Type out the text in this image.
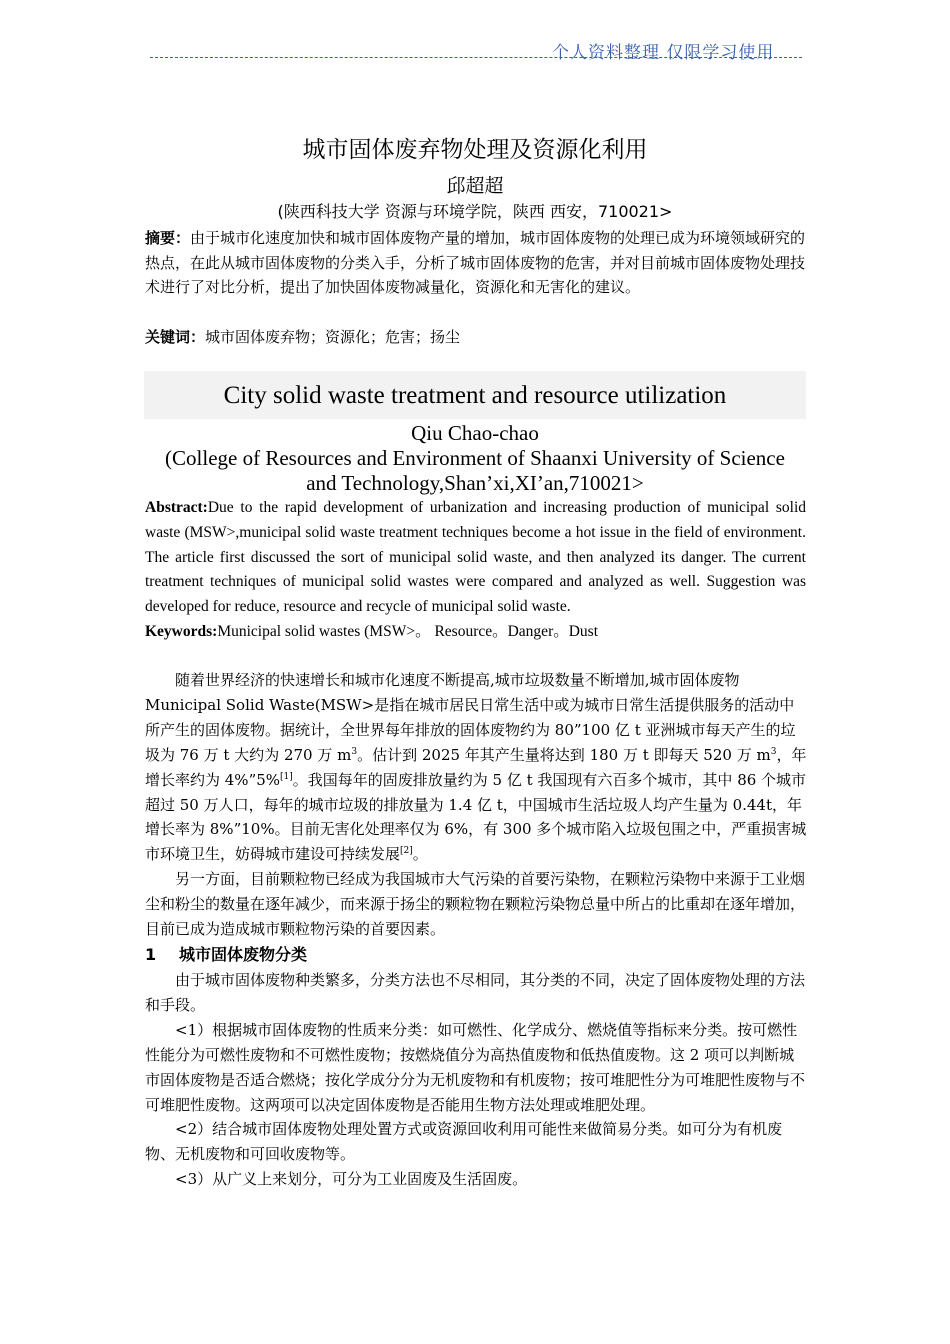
个人资料整理 仅限学习使用
城市固体废弃物处理及资源化利用
邱超超
(陕西科技大学 资源与环境学院，陕西 西安，710021>
摘要：由于城市化速度加快和城市固体废物产量的增加，城市固体废物的处理已成为环境领域研究的热点，在此从城市固体废物的分类入手，分析了城市固体废物的危害，并对目前城市固体废物处理技术进行了对比分析，提出了加快固体废物减量化，资源化和无害化的建议。
关键词：城市固体废弃物；资源化；危害；扬尘
City solid waste treatment and resource utilization
Qiu Chao-chao
(College of Resources and Environment of Shaanxi University of Science
and Technology,Shan’xi,XI’an,710021>
Abstract:Due to the rapid development of urbanization and increasing production of municipal solid waste (MSW>,municipal solid waste treatment techniques become a hot issue in the field of environment. The article first discussed the sort of municipal solid waste, and then analyzed its danger. The current treatment techniques of municipal solid wastes were compared and analyzed as well. Suggestion was developed for reduce, resource and recycle of municipal solid waste.
Keywords:Municipal solid wastes (MSW>。 Resource。Danger。Dust

随着世界经济的快速增长和城市化速度不断提高,城市垃圾数量不断增加,城市固体废物Municipal Solid Waste(MSW>是指在城市居民日常生活中或为城市日常生活提供服务的活动中所产生的固体废物。据统计，全世界每年排放的固体废物约为 80”100 亿 t 亚洲城市每天产生的垃圾为 76 万 t 大约为 270 万 $m^3$。估计到 2025 年其产生量将达到 180 万 t 即每天 520 万 $m^3$，年增长率约为 4%”5%[1]。我国每年的固废排放量约为 5 亿 t 我国现有六百多个城市，其中 86 个城市超过 50 万人口，每年的城市垃圾的排放量为 1.4 亿 t，中国城市生活垃圾人均产生量为 0.44t，年增长率为 8%”10%。目前无害化处理率仅为 6%，有 300 多个城市陷入垃圾包围之中，严重损害城市环境卫生，妨碍城市建设可持续发展[2]。

另一方面，目前颗粒物已经成为我国城市大气污染的首要污染物，在颗粒污染物中来源于工业烟尘和粉尘的数量在逐年减少，而来源于扬尘的颗粒物在颗粒污染物总量中所占的比重却在逐年增加，目前已成为造成城市颗粒物污染的首要因素。

1 城市固体废物分类

由于城市固体废物种类繁多，分类方法也不尽相同，其分类的不同，决定了固体废物处理的方法和手段。

<1）根据城市固体废物的性质来分类：如可燃性、化学成分、燃烧值等指标来分类。按可燃性性能分为可燃性废物和不可燃性废物；按燃烧值分为高热值废物和低热值废物。这 2 项可以判断城市固体废物是否适合燃烧；按化学成分分为无机废物和有机废物；按可堆肥性分为可堆肥性废物与不可堆肥性废物。这两项可以决定固体废物是否能用生物方法处理或堆肥处理。

<2）结合城市固体废物处理处置方式或资源回收利用可能性来做简易分类。如可分为有机废物、无机废物和可回收废物等。

<3）从广义上来划分，可分为工业固废及生活固废。
